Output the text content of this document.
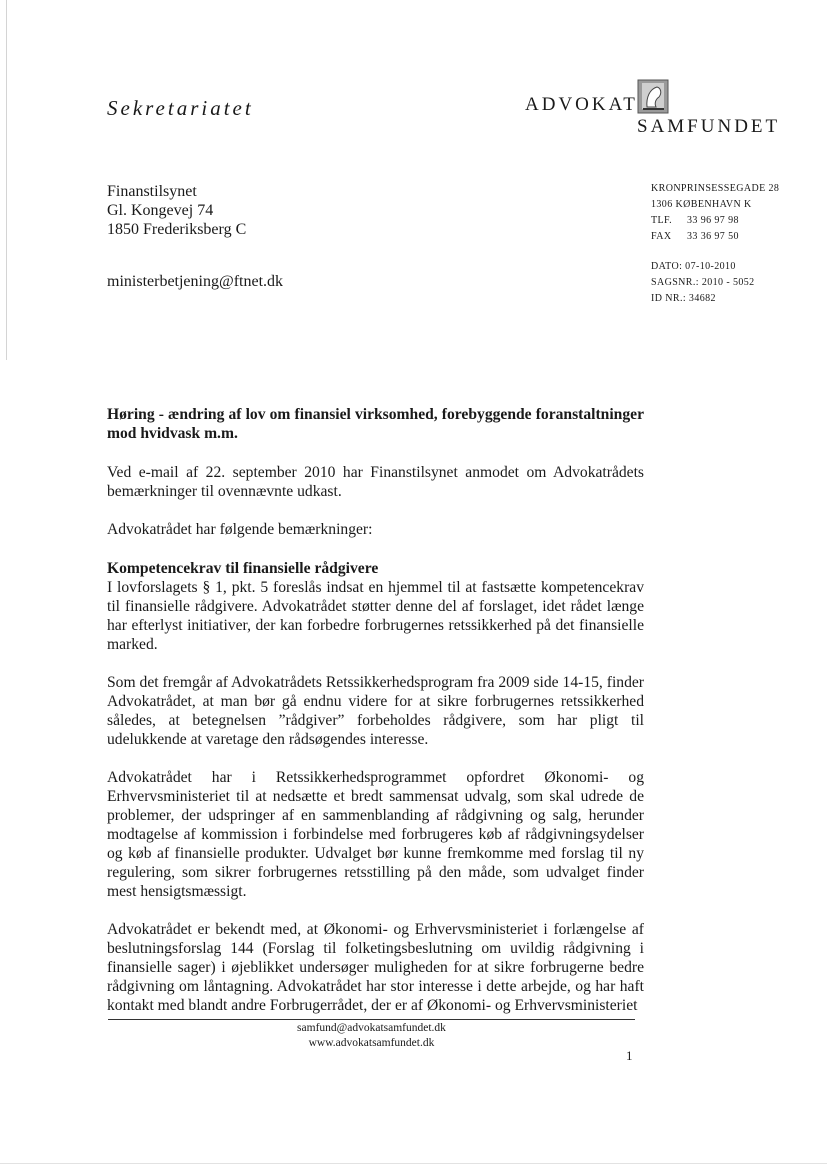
Sekretariatet	ADVOKAT
SAMFUNDET
Finanstilsynet
Gl. Kongevej 74
1850 Frederiksberg C
ministerbetjening@ftnet.dk
KRONPRINSESSEGADE 28
1306 KØBENHAVN K
TLF. 33 96 97 98
FAX 33 36 97 50
DATO: 07-10-2010
SAGSNR.: 2010 - 5052
ID NR.: 34682

Høring - ændring af lov om finansiel virksomhed, forebyggende foranstaltninger mod hvidvask m.m.

Ved e-mail af 22. september 2010 har Finanstilsynet anmodet om Advokatrådets bemærkninger til ovennævnte udkast.

Advokatrådet har følgende bemærkninger:

Kompetencekrav til finansielle rådgivere

I lovforslagets § 1, pkt. 5 foreslås indsat en hjemmel til at fastsætte kompetencekrav til finansielle rådgivere. Advokatrådet støtter denne del af forslaget, idet rådet længe har efterlyst initiativer, der kan forbedre forbrugernes retssikkerhed på det finansielle marked.

Som det fremgår af Advokatrådets Retssikkerhedsprogram fra 2009 side 14-15, finder Advokatrådet, at man bør gå endnu videre for at sikre forbrugernes retssikkerhed således, at betegnelsen ”rådgiver” forbeholdes rådgivere, som har pligt til udelukkende at varetage den rådsøgendes interesse.

Advokatrådet har i Retssikkerhedsprogrammet opfordret Økonomi- og Erhvervsministeriet til at nedsætte et bredt sammensat udvalg, som skal udrede de problemer, der udspringer af en sammenblanding af rådgivning og salg, herunder modtagelse af kommission i forbindelse med forbrugeres køb af rådgivningsydelser og køb af finansielle produkter. Udvalget bør kunne fremkomme med forslag til ny regulering, som sikrer forbrugernes retsstilling på den måde, som udvalget finder mest hensigtsmæssigt.

Advokatrådet er bekendt med, at Økonomi- og Erhvervsministeriet i forlængelse af beslutningsforslag 144 (Forslag til folketingsbeslutning om uvildig rådgivning i finansielle sager) i øjeblikket undersøger muligheden for at sikre forbrugerne bedre rådgivning om låntagning. Advokatrådet har stor interesse i dette arbejde, og har haft kontakt med blandt andre Forbrugerrådet, der er af Økonomi- og Erhvervsministeriet

samfund@advokatsamfundet.dk
www.advokatsamfundet.dk
1
